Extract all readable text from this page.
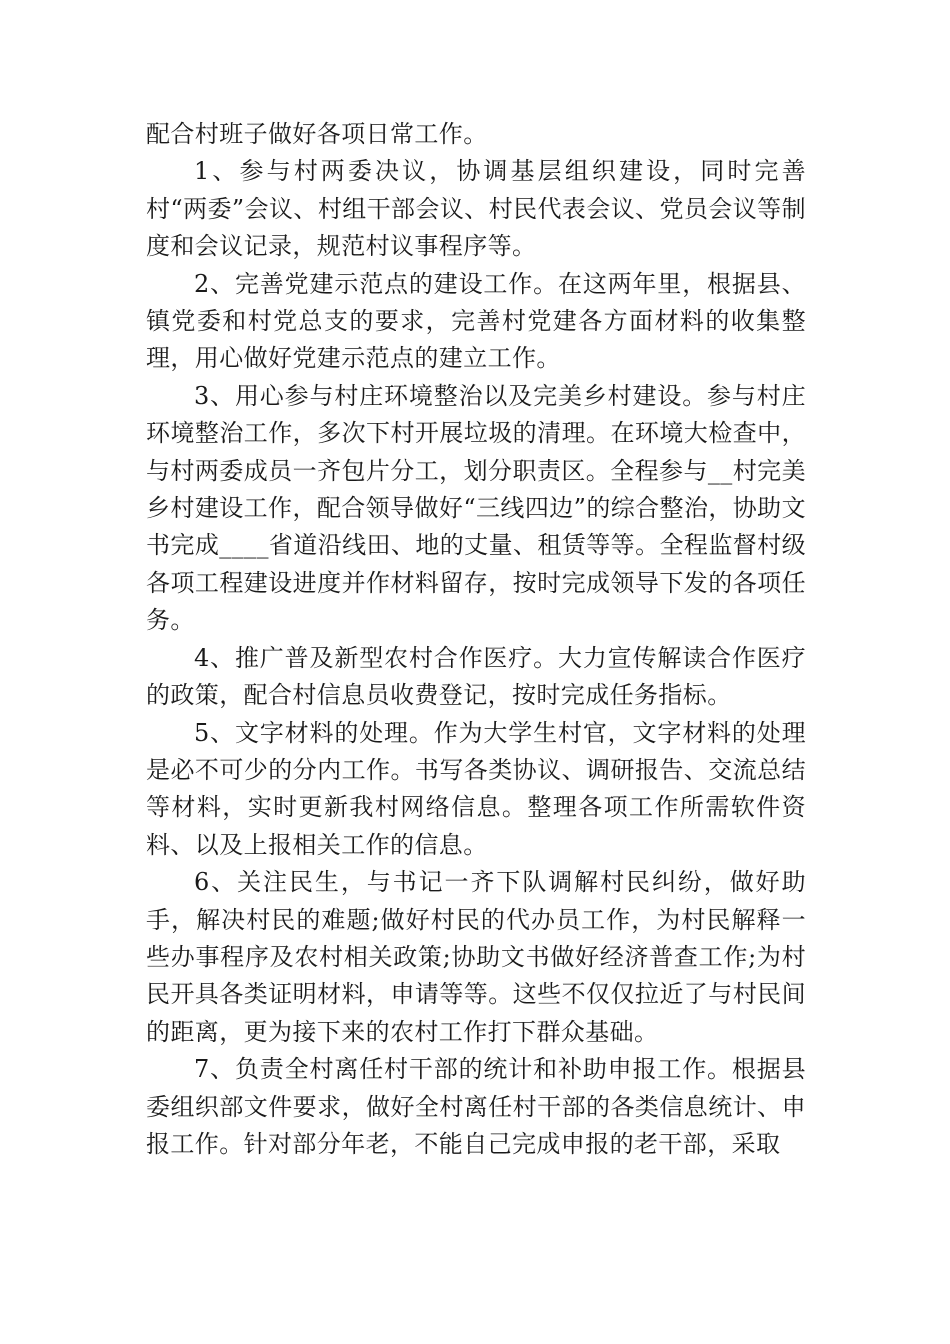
配合村班子做好各项日常工作。

1、参与村两委决议，协调基层组织建设，同时完善村“两委”会议、村组干部会议、村民代表会议、党员会议等制度和会议记录，规范村议事程序等。

2、完善党建示范点的建设工作。在这两年里，根据县、镇党委和村党总支的要求，完善村党建各方面材料的收集整理，用心做好党建示范点的建立工作。

3、用心参与村庄环境整治以及完美乡村建设。参与村庄环境整治工作，多次下村开展垃圾的清理。在环境大检查中，与村两委成员一齐包片分工，划分职责区。全程参与__村完美乡村建设工作，配合领导做好“三线四边”的综合整治，协助文书完成____省道沿线田、地的丈量、租赁等等。全程监督村级各项工程建设进度并作材料留存，按时完成领导下发的各项任务。

4、推广普及新型农村合作医疗。大力宣传解读合作医疗的政策，配合村信息员收费登记，按时完成任务指标。

5、文字材料的处理。作为大学生村官，文字材料的处理是必不可少的分内工作。书写各类协议、调研报告、交流总结等材料，实时更新我村网络信息。整理各项工作所需软件资料、以及上报相关工作的信息。

6、关注民生，与书记一齐下队调解村民纠纷，做好助手，解决村民的难题;做好村民的代办员工作，为村民解释一些办事程序及农村相关政策;协助文书做好经济普查工作;为村民开具各类证明材料，申请等等。这些不仅仅拉近了与村民间的距离，更为接下来的农村工作打下群众基础。

7、负责全村离任村干部的统计和补助申报工作。根据县委组织部文件要求，做好全村离任村干部的各类信息统计、申报工作。针对部分年老，不能自己完成申报的老干部，采取
